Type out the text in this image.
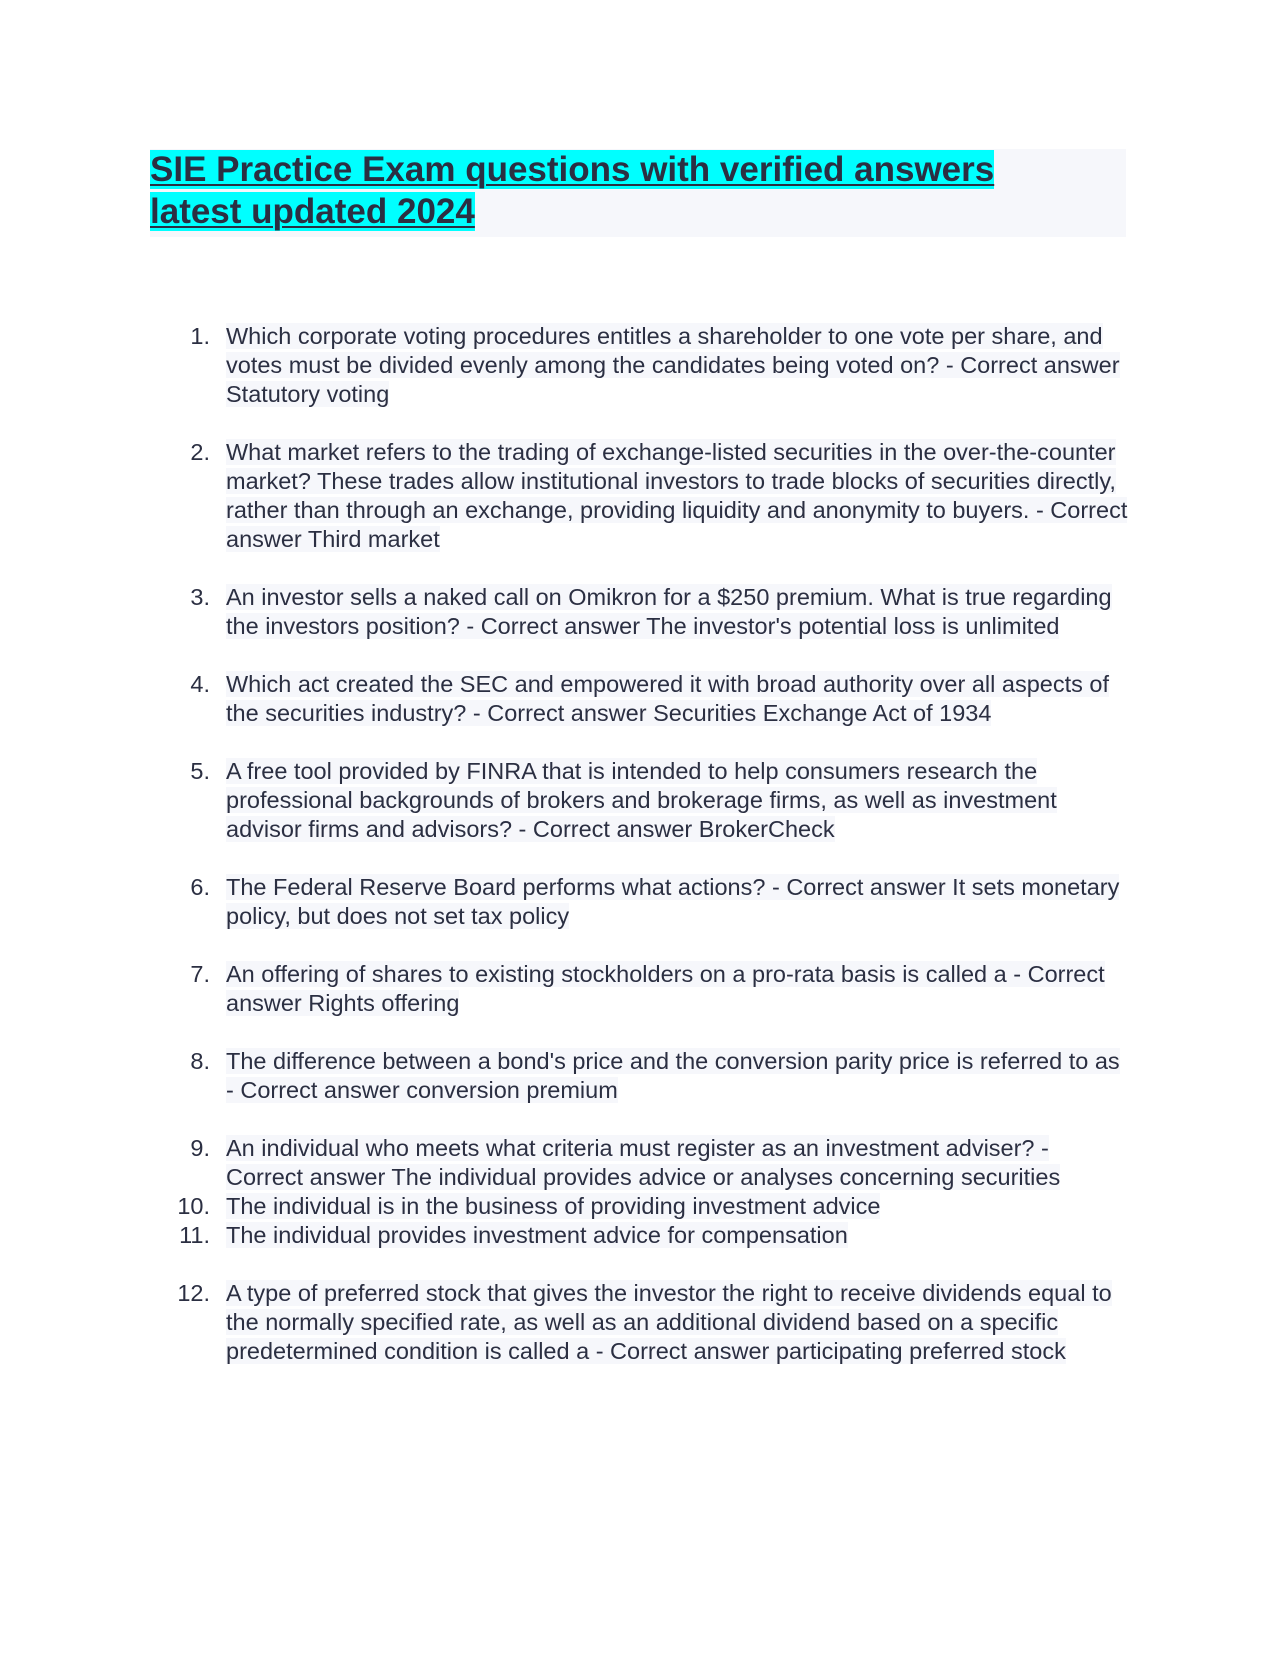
SIE Practice Exam questions with verified answers
latest updated 2024
1. Which corporate voting procedures entitles a shareholder to one vote per share, and votes must be divided evenly among the candidates being voted on? - Correct answer Statutory voting
2. What market refers to the trading of exchange-listed securities in the over-the-counter market? These trades allow institutional investors to trade blocks of securities directly, rather than through an exchange, providing liquidity and anonymity to buyers. - Correct answer Third market
3. An investor sells a naked call on Omikron for a $250 premium. What is true regarding the investors position? - Correct answer The investor's potential loss is unlimited
4. Which act created the SEC and empowered it with broad authority over all aspects of the securities industry? - Correct answer Securities Exchange Act of 1934
5. A free tool provided by FINRA that is intended to help consumers research the professional backgrounds of brokers and brokerage firms, as well as investment advisor firms and advisors? - Correct answer BrokerCheck
6. The Federal Reserve Board performs what actions? - Correct answer It sets monetary policy, but does not set tax policy
7. An offering of shares to existing stockholders on a pro-rata basis is called a - Correct answer Rights offering
8. The difference between a bond's price and the conversion parity price is referred to as - Correct answer conversion premium
9. An individual who meets what criteria must register as an investment adviser? - Correct answer The individual provides advice or analyses concerning securities
10. The individual is in the business of providing investment advice
11. The individual provides investment advice for compensation
12. A type of preferred stock that gives the investor the right to receive dividends equal to the normally specified rate, as well as an additional dividend based on a specific predetermined condition is called a - Correct answer participating preferred stock
